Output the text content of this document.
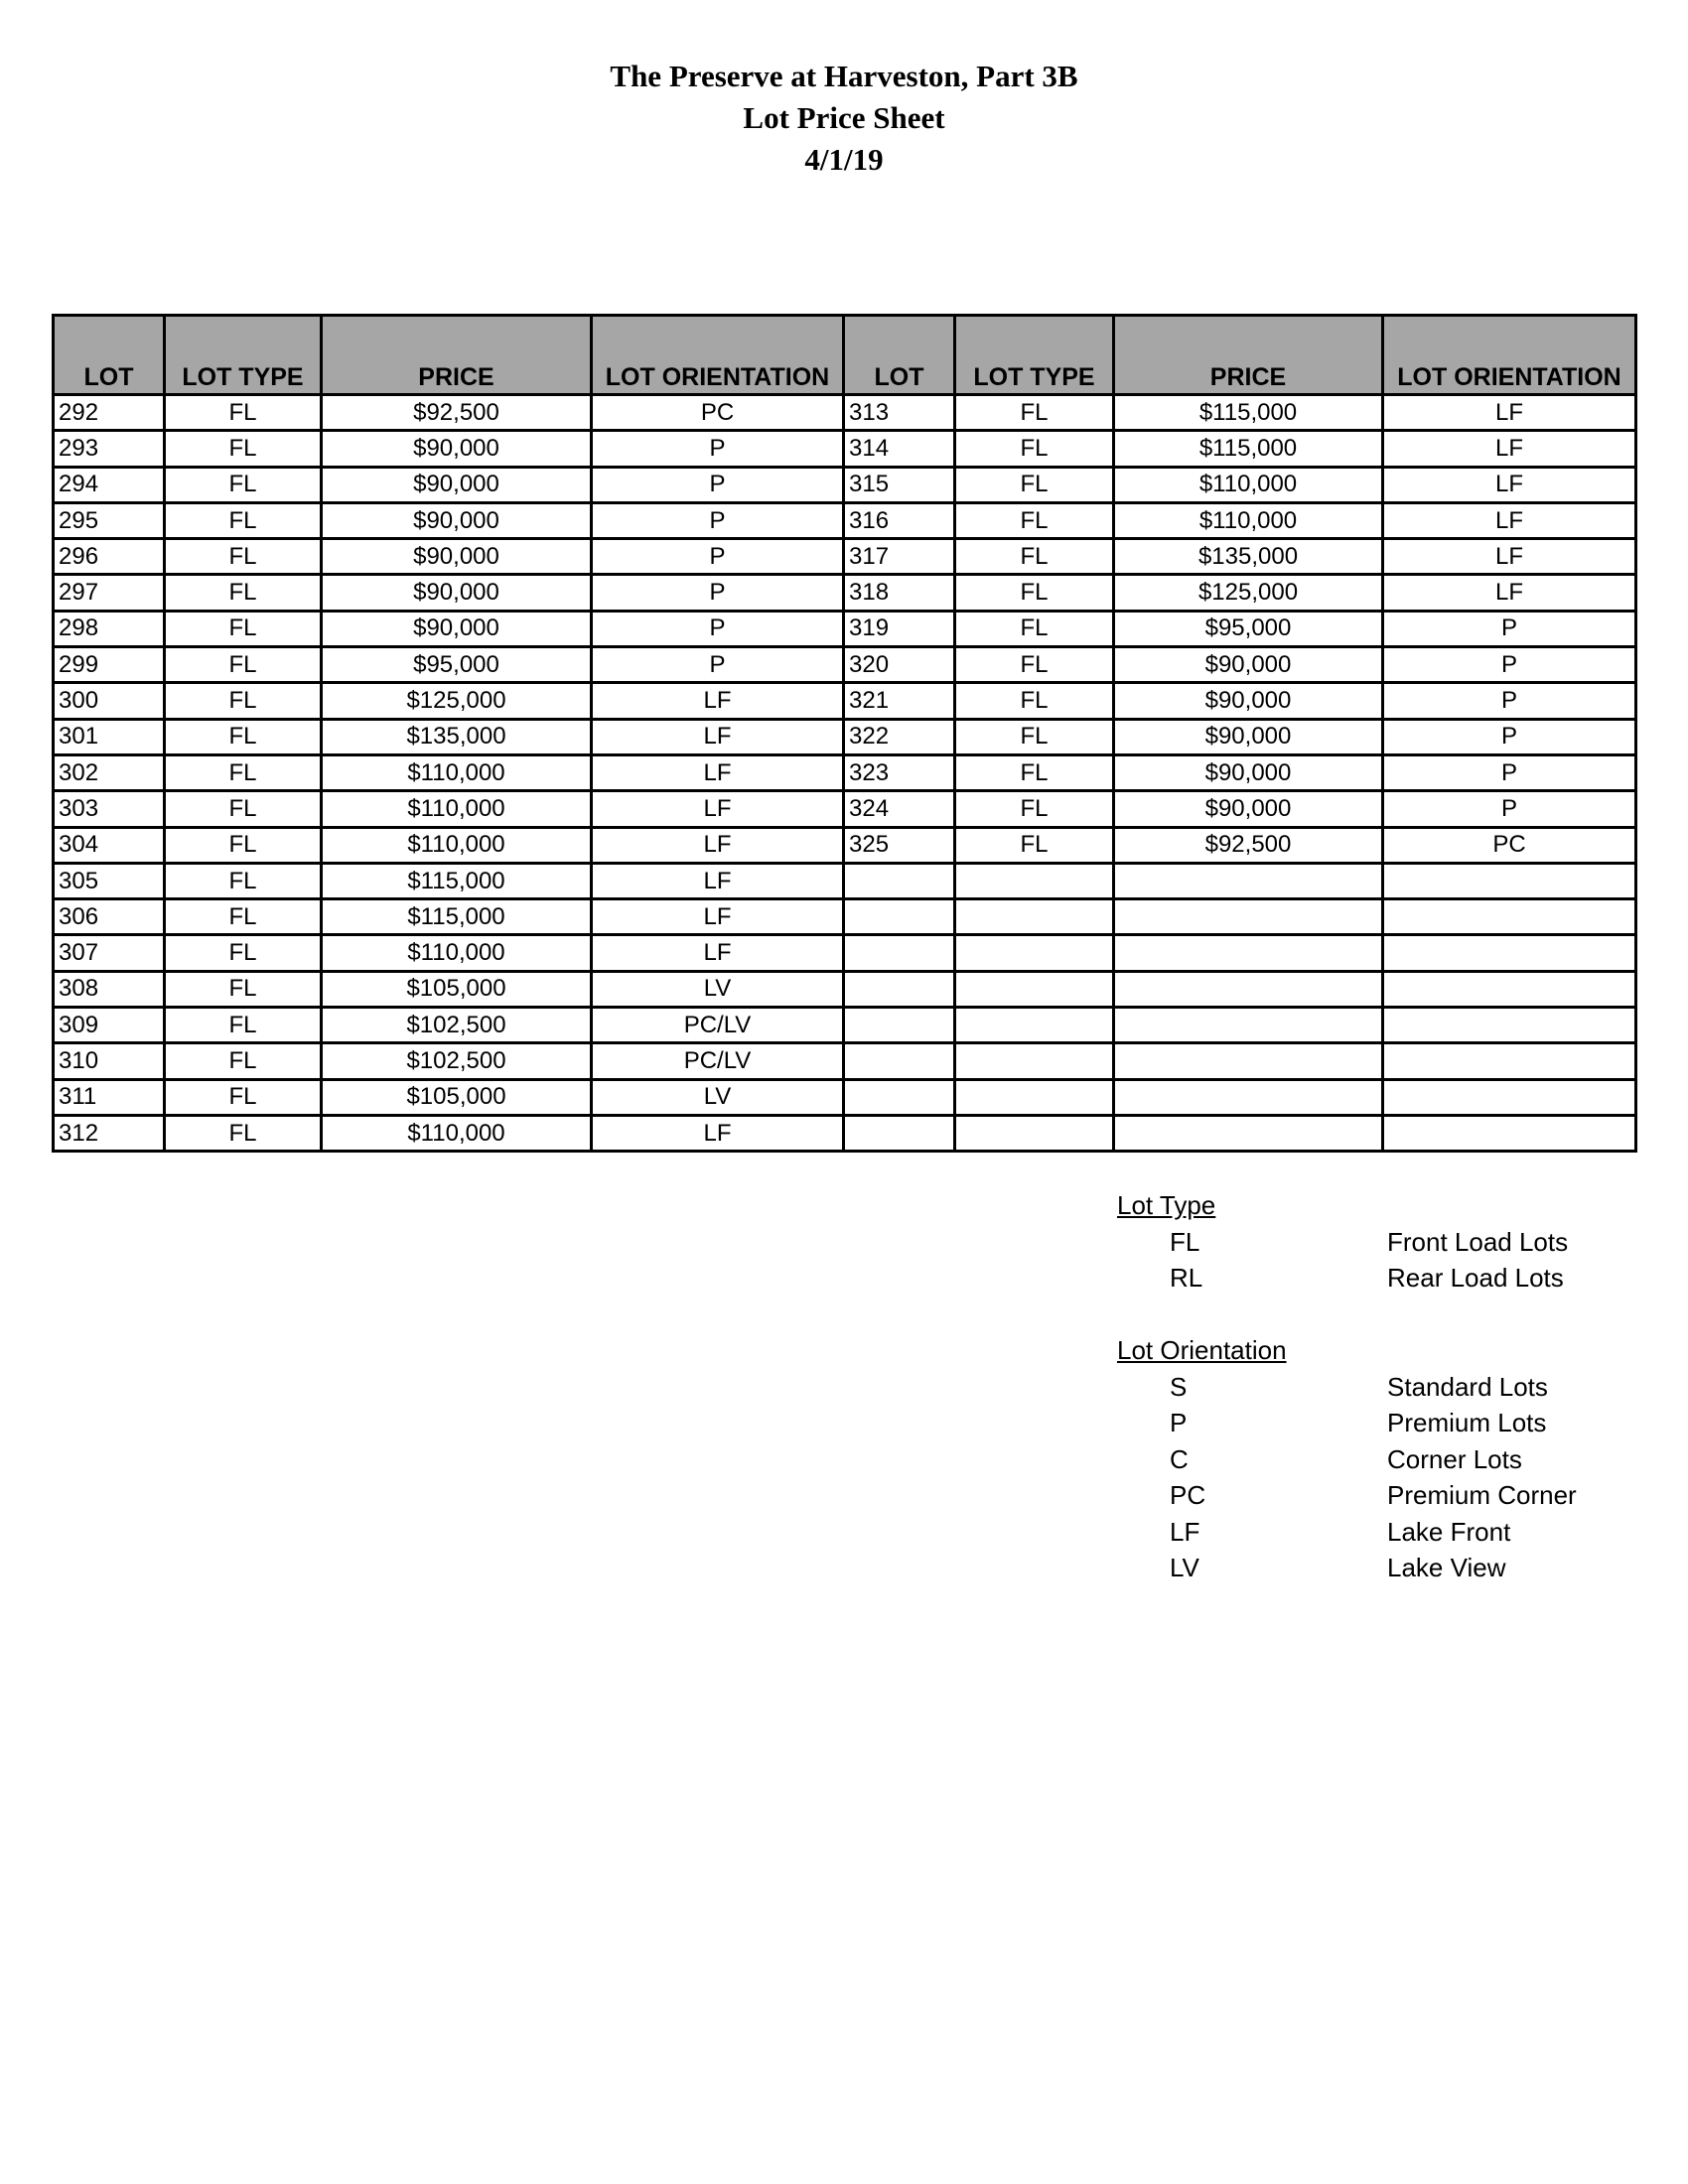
The Preserve at Harveston, Part 3B
Lot Price Sheet
4/1/19
LOT	LOT TYPE	PRICE	LOT ORIENTATION	LOT	LOT TYPE	PRICE	LOT ORIENTATION
292	FL	$92,500	PC	313	FL	$115,000	LF
293	FL	$90,000	P	314	FL	$115,000	LF
294	FL	$90,000	P	315	FL	$110,000	LF
295	FL	$90,000	P	316	FL	$110,000	LF
296	FL	$90,000	P	317	FL	$135,000	LF
297	FL	$90,000	P	318	FL	$125,000	LF
298	FL	$90,000	P	319	FL	$95,000	P
299	FL	$95,000	P	320	FL	$90,000	P
300	FL	$125,000	LF	321	FL	$90,000	P
301	FL	$135,000	LF	322	FL	$90,000	P
302	FL	$110,000	LF	323	FL	$90,000	P
303	FL	$110,000	LF	324	FL	$90,000	P
304	FL	$110,000	LF	325	FL	$92,500	PC
305	FL	$115,000	LF				
306	FL	$115,000	LF				
307	FL	$110,000	LF				
308	FL	$105,000	LV				
309	FL	$102,500	PC/LV				
310	FL	$102,500	PC/LV				
311	FL	$105,000	LV				
312	FL	$110,000	LF				
Lot Type
FL	Front Load Lots
RL	Rear Load Lots
Lot Orientation
S	Standard Lots
P	Premium Lots
C	Corner Lots
PC	Premium Corner
LF	Lake Front
LV	Lake View
